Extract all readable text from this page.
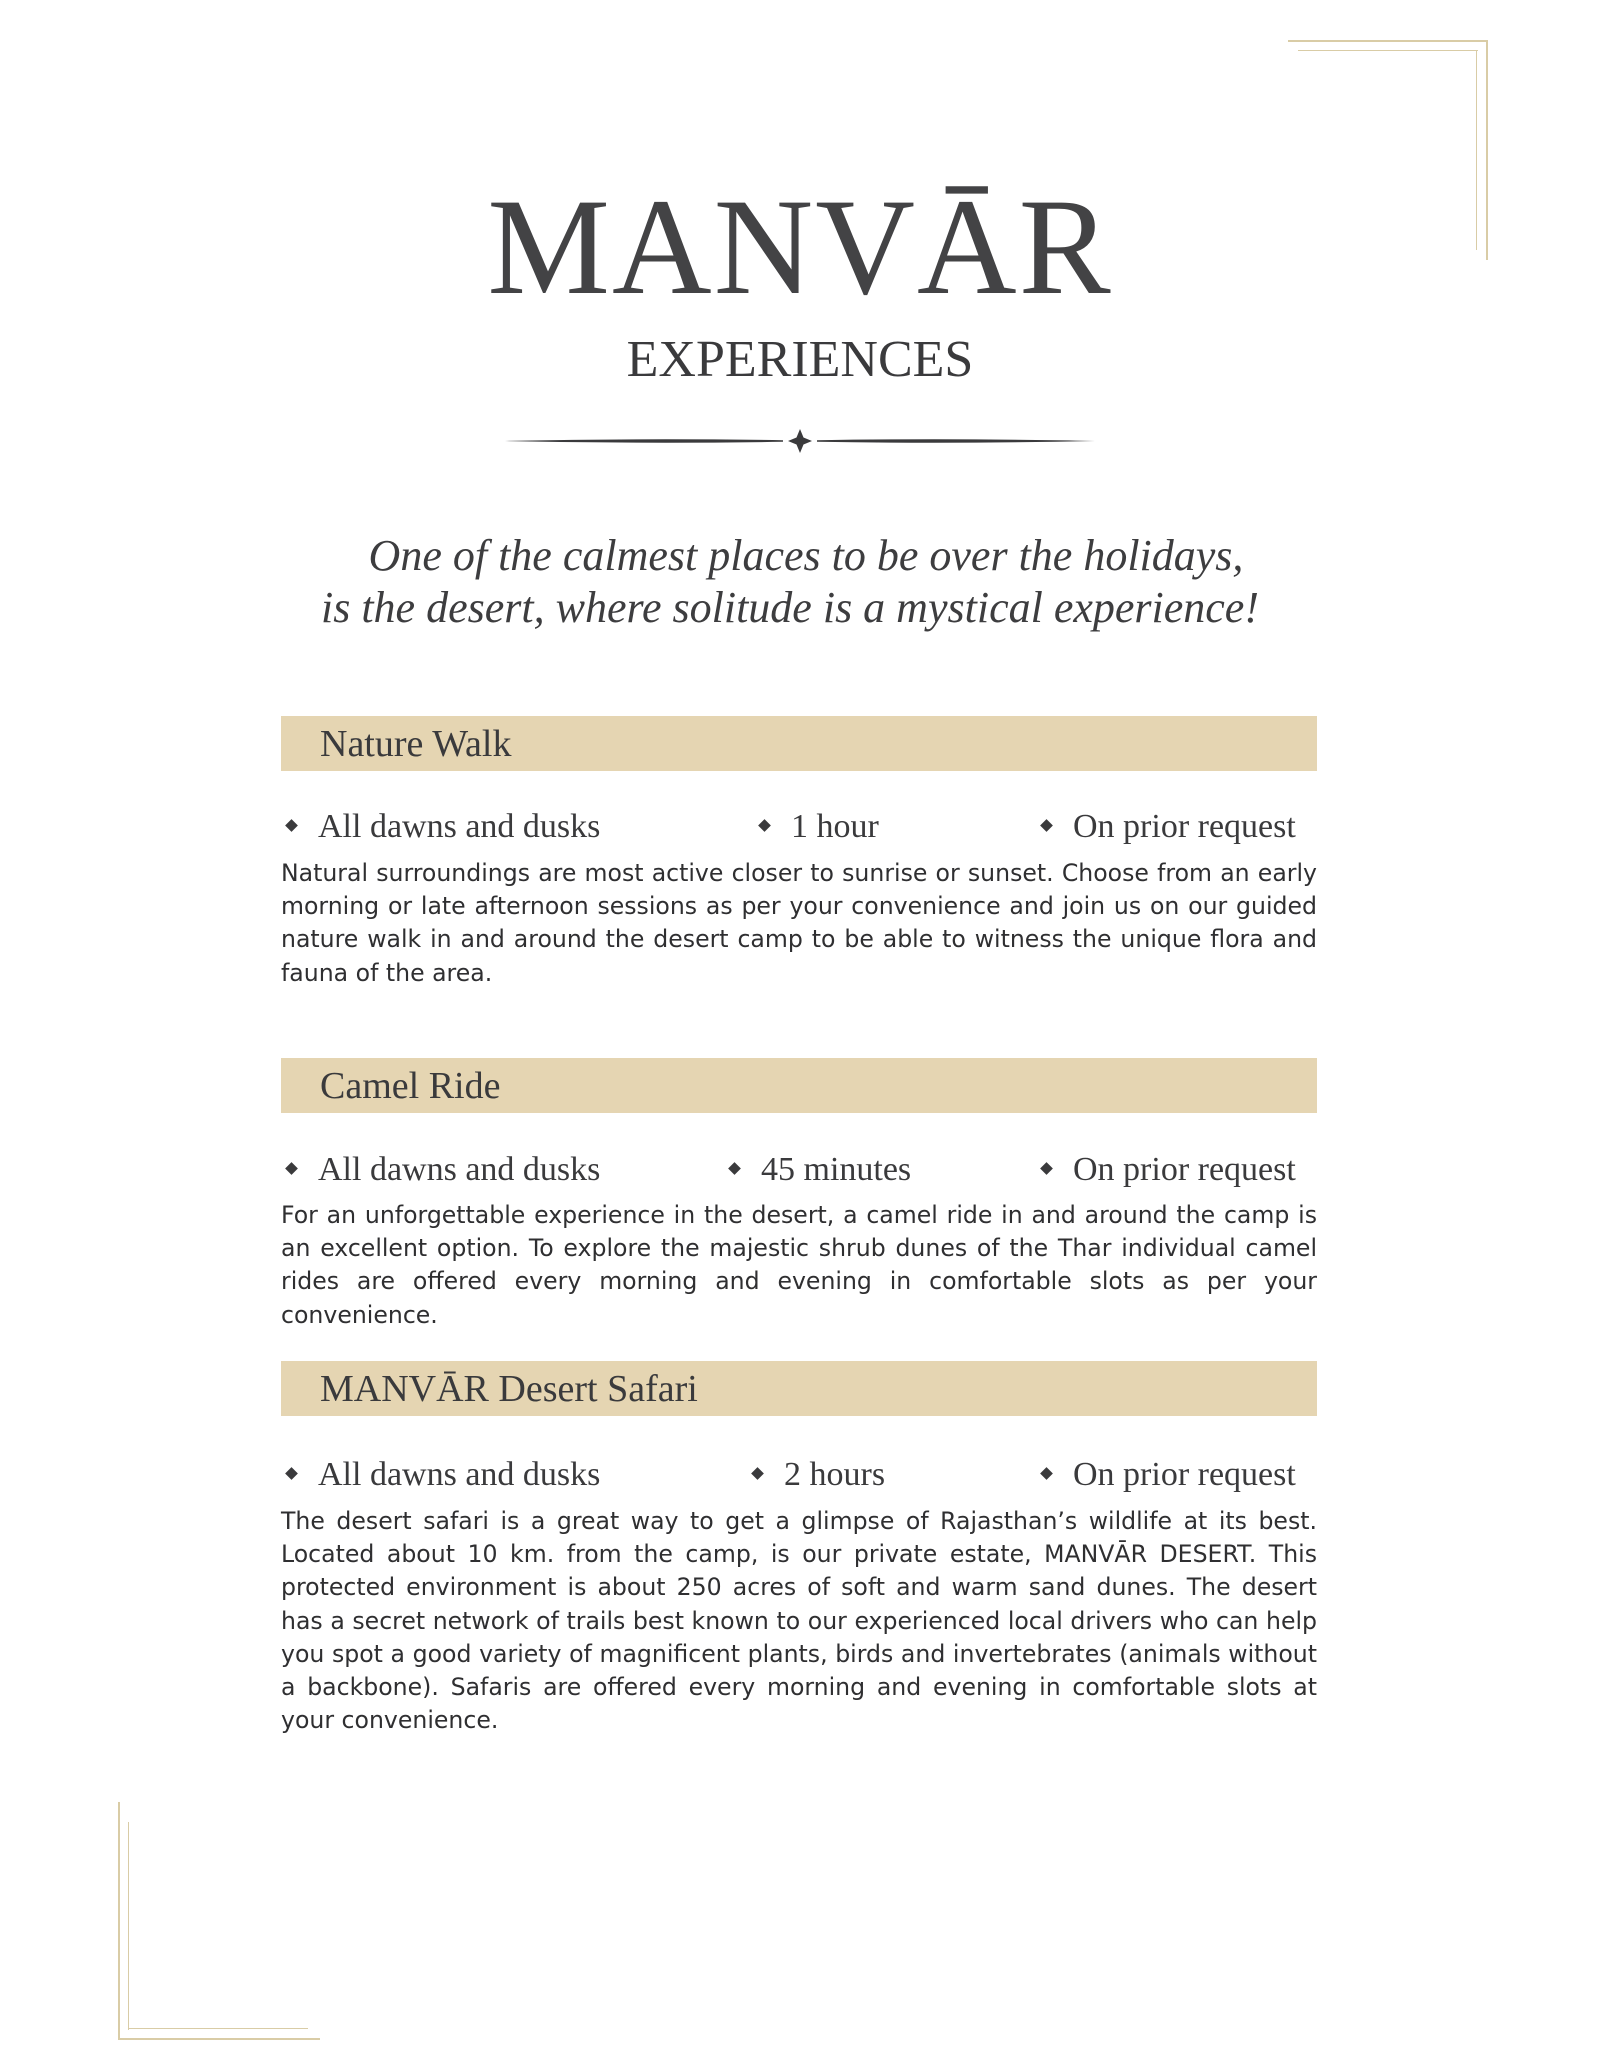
MANVĀR
EXPERIENCES
One of the calmest places to be over the holidays,
is the desert, where solitude is a mystical experience!
Nature Walk
All dawns and dusks	1 hour	On prior request
Natural surroundings are most active closer to sunrise or sunset. Choose from an early morning or late afternoon sessions as per your convenience and join us on our guided nature walk in and around the desert camp to be able to witness the unique flora and fauna of the area.
Camel Ride
All dawns and dusks	45 minutes	On prior request
For an unforgettable experience in the desert, a camel ride in and around the camp is an excellent option. To explore the majestic shrub dunes of the Thar individual camel rides are offered every morning and evening in comfortable slots as per your convenience.
MANVĀR Desert Safari
All dawns and dusks	2 hours	On prior request
The desert safari is a great way to get a glimpse of Rajasthan’s wildlife at its best. Located about 10 km. from the camp, is our private estate, MANVĀR DESERT. This protected environment is about 250 acres of soft and warm sand dunes. The desert has a secret network of trails best known to our experienced local drivers who can help you spot a good variety of magnificent plants, birds and invertebrates (animals without a backbone). Safaris are offered every morning and evening in comfortable slots at your convenience.
